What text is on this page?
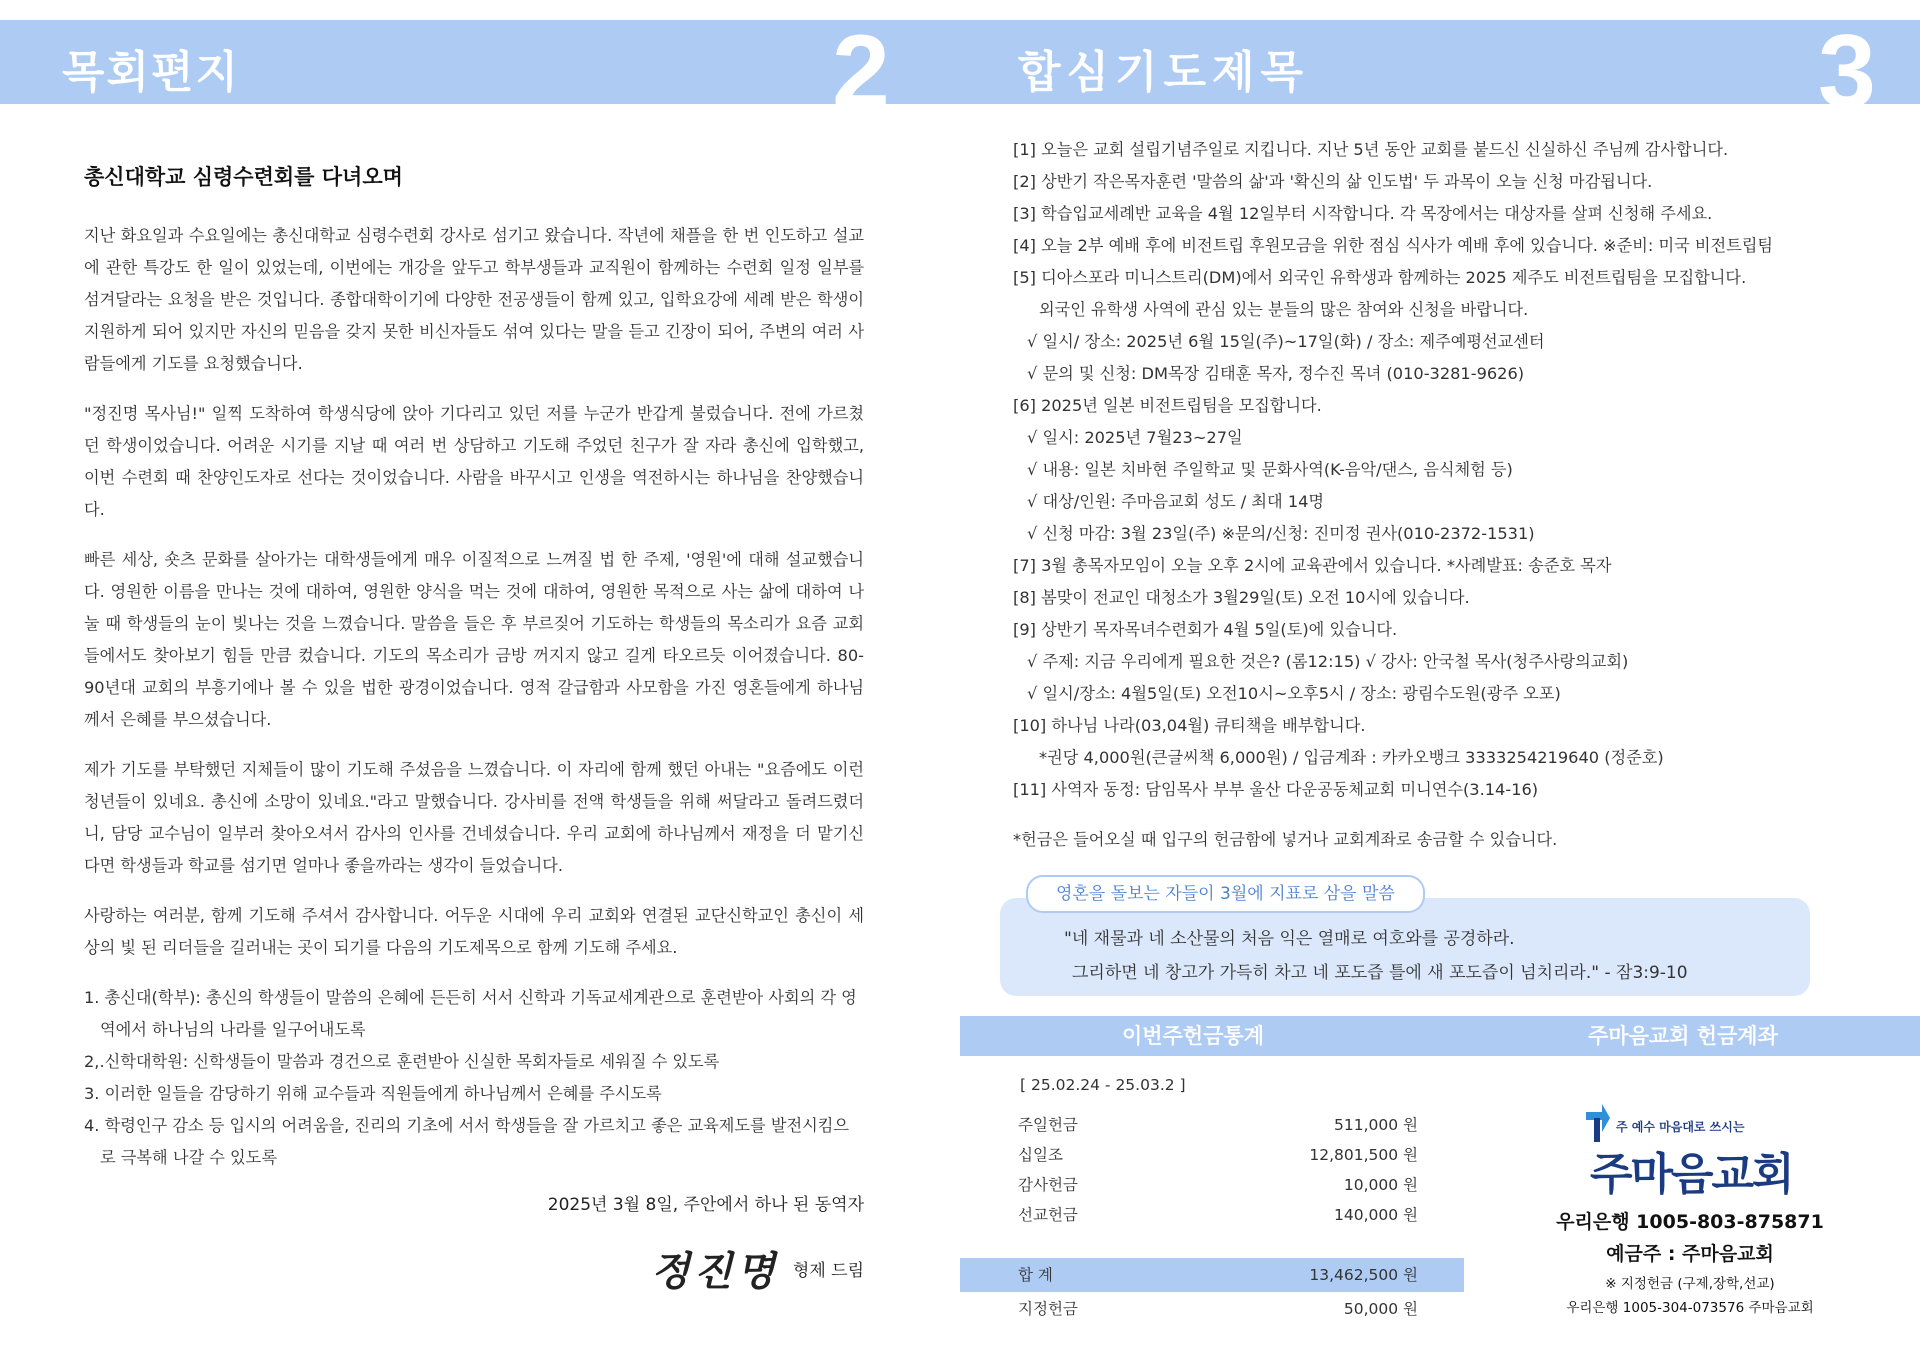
목회편지	2	합심기도제목	3
총신대학교 심령수련회를 다녀오며

지난 화요일과 수요일에는 총신대학교 심령수련회 강사로 섬기고 왔습니다. 작년에 채플을 한 번 인도하고 설교에 관한 특강도 한 일이 있었는데, 이번에는 개강을 앞두고 학부생들과 교직원이 함께하는 수련회 일정 일부를 섬겨달라는 요청을 받은 것입니다. 종합대학이기에 다양한 전공생들이 함께 있고, 입학요강에 세례 받은 학생이 지원하게 되어 있지만 자신의 믿음을 갖지 못한 비신자들도 섞여 있다는 말을 듣고 긴장이 되어, 주변의 여러 사람들에게 기도를 요청했습니다.

"정진명 목사님!" 일찍 도착하여 학생식당에 앉아 기다리고 있던 저를 누군가 반갑게 불렀습니다. 전에 가르쳤던 학생이었습니다. 어려운 시기를 지날 때 여러 번 상담하고 기도해 주었던 친구가 잘 자라 총신에 입학했고, 이번 수련회 때 찬양인도자로 선다는 것이었습니다. 사람을 바꾸시고 인생을 역전하시는 하나님을 찬양했습니다.

빠른 세상, 숏츠 문화를 살아가는 대학생들에게 매우 이질적으로 느껴질 법 한 주제, '영원'에 대해 설교했습니다. 영원한 이름을 만나는 것에 대하여, 영원한 양식을 먹는 것에 대하여, 영원한 목적으로 사는 삶에 대하여 나눌 때 학생들의 눈이 빛나는 것을 느꼈습니다. 말씀을 들은 후 부르짖어 기도하는 학생들의 목소리가 요즘 교회들에서도 찾아보기 힘들 만큼 컸습니다. 기도의 목소리가 금방 꺼지지 않고 길게 타오르듯 이어졌습니다. 80-90년대 교회의 부흥기에나 볼 수 있을 법한 광경이었습니다. 영적 갈급함과 사모함을 가진 영혼들에게 하나님께서 은혜를 부으셨습니다.

제가 기도를 부탁했던 지체들이 많이 기도해 주셨음을 느꼈습니다. 이 자리에 함께 했던 아내는 "요즘에도 이런 청년들이 있네요. 총신에 소망이 있네요."라고 말했습니다. 강사비를 전액 학생들을 위해 써달라고 돌려드렸더니, 담당 교수님이 일부러 찾아오셔서 감사의 인사를 건네셨습니다. 우리 교회에 하나님께서 재정을 더 맡기신다면 학생들과 학교를 섬기면 얼마나 좋을까라는 생각이 들었습니다.

사랑하는 여러분, 함께 기도해 주셔서 감사합니다. 어두운 시대에 우리 교회와 연결된 교단신학교인 총신이 세상의 빛 된 리더들을 길러내는 곳이 되기를 다음의 기도제목으로 함께 기도해 주세요.

1. 총신대(학부): 총신의 학생들이 말씀의 은혜에 든든히 서서 신학과 기독교세계관으로 훈련받아 사회의 각 영역에서 하나님의 나라를 일구어내도록
2,.신학대학원: 신학생들이 말씀과 경건으로 훈련받아 신실한 목회자들로 세워질 수 있도록
3. 이러한 일들을 감당하기 위해 교수들과 직원들에게 하나님께서 은혜를 주시도록
4. 학령인구 감소 등 입시의 어려움을, 진리의 기초에 서서 학생들을 잘 가르치고 좋은 교육제도를 발전시킴으로 극복해 나갈 수 있도록
2025년 3월 8일, 주안에서 하나 된 동역자
정진명 형제 드림
[1] 오늘은 교회 설립기념주일로 지킵니다. 지난 5년 동안 교회를 붙드신 신실하신 주님께 감사합니다.
[2] 상반기 작은목자훈련 '말씀의 삶'과 '확신의 삶 인도법' 두 과목이 오늘 신청 마감됩니다.
[3] 학습입교세례반 교육을 4월 12일부터 시작합니다. 각 목장에서는 대상자를 살펴 신청해 주세요.
[4] 오늘 2부 예배 후에 비전트립 후원모금을 위한 점심 식사가 예배 후에 있습니다. ※준비: 미국 비전트립팀
[5] 디아스포라 미니스트리(DM)에서 외국인 유학생과 함께하는 2025 제주도 비전트립팀을 모집합니다.
외국인 유학생 사역에 관심 있는 분들의 많은 참여와 신청을 바랍니다.
√ 일시/ 장소: 2025년 6월 15일(주)~17일(화) / 장소: 제주예평선교센터
√ 문의 및 신청: DM목장 김태훈 목자, 정수진 목녀 (010-3281-9626)
[6] 2025년 일본 비전트립팀을 모집합니다.
√ 일시: 2025년 7월23~27일
√ 내용: 일본 치바현 주일학교 및 문화사역(K-음악/댄스, 음식체험 등)
√ 대상/인원: 주마음교회 성도 / 최대 14명
√ 신청 마감: 3월 23일(주) ※문의/신청: 진미정 권사(010-2372-1531)
[7] 3월 총목자모임이 오늘 오후 2시에 교육관에서 있습니다. *사례발표: 송준호 목자
[8] 봄맞이 전교인 대청소가 3월29일(토) 오전 10시에 있습니다.
[9] 상반기 목자목녀수련회가 4월 5일(토)에 있습니다.
√ 주제: 지금 우리에게 필요한 것은? (롬12:15) √ 강사: 안국철 목사(청주사랑의교회)
√ 일시/장소: 4월5일(토) 오전10시~오후5시 / 장소: 광림수도원(광주 오포)
[10] 하나님 나라(03,04월) 큐티책을 배부합니다.
*권당 4,000원(큰글씨책 6,000원) / 입금계좌 : 카카오뱅크 3333254219640 (정준호)
[11] 사역자 동정: 담임목사 부부 울산 다운공동체교회 미니연수(3.14-16)
*헌금은 들어오실 때 입구의 헌금함에 넣거나 교회계좌로 송금할 수 있습니다.
영혼을 돌보는 자들이 3월에 지표로 삼을 말씀
"네 재물과 네 소산물의 처음 익은 열매로 여호와를 공경하라.
그리하면 네 창고가 가득히 차고 네 포도즙 틀에 새 포도즙이 넘치리라." - 잠3:9-10
이번주헌금통계	주마음교회 헌금계좌
[ 25.02.24 - 25.03.2 ]
주일헌금	511,000 원
십일조	12,801,500 원
감사헌금	10,000 원
선교헌금	140,000 원
합 계	13,462,500 원
지정헌금	50,000 원
주 예수 마음대로 쓰시는
주마음교회
우리은행 1005-803-875871
예금주 : 주마음교회
※ 지정헌금 (구제,장학,선교)
우리은행 1005-304-073576 주마음교회
